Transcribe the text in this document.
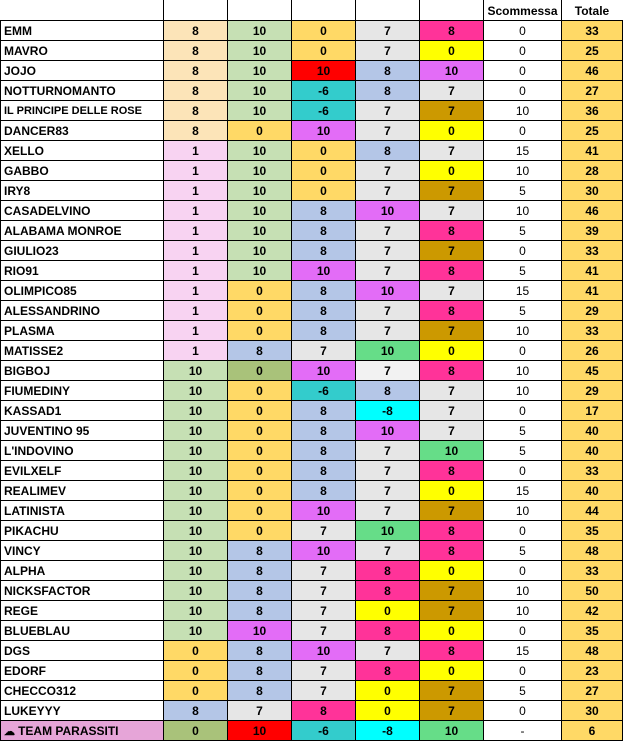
						Scommessa	Totale
EMM	8	10	0	7	8	0	33
MAVRO	8	10	0	7	0	0	25
JOJO	8	10	10	8	10	0	46
NOTTURNOMANTO	8	10	-6	8	7	0	27
IL PRINCIPE DELLE ROSE	8	10	-6	7	7	10	36
DANCER83	8	0	10	7	0	0	25
XELLO	1	10	0	8	7	15	41
GABBO	1	10	0	7	0	10	28
IRY8	1	10	0	7	7	5	30
CASADELVINO	1	10	8	10	7	10	46
ALABAMA MONROE	1	10	8	7	8	5	39
GIULIO23	1	10	8	7	7	0	33
RIO91	1	10	10	7	8	5	41
OLIMPICO85	1	0	8	10	7	15	41
ALESSANDRINO	1	0	8	7	8	5	29
PLASMA	1	0	8	7	7	10	33
MATISSE2	1	8	7	10	0	0	26
BIGBOJ	10	0	10	7	8	10	45
FIUMEDINY	10	0	-6	8	7	10	29
KASSAD1	10	0	8	-8	7	0	17
JUVENTINO 95	10	0	8	10	7	5	40
L'INDOVINO	10	0	8	7	10	5	40
EVILXELF	10	0	8	7	8	0	33
REALIMEV	10	0	8	7	0	15	40
LATINISTA	10	0	10	7	7	10	44
PIKACHU	10	0	7	10	8	0	35
VINCY	10	8	10	7	8	5	48
ALPHA	10	8	7	8	0	0	33
NICKSFACTOR	10	8	7	8	7	10	50
REGE	10	8	7	0	7	10	42
BLUEBLAU	10	10	7	8	0	0	35
DGS	0	8	10	7	8	15	48
EDORF	0	8	7	8	0	0	23
CHECCO312	0	8	7	0	7	5	27
LUKEYYY	8	7	8	0	7	0	30
☁ TEAM PARASSITI	0	10	-6	-8	10	-	6
